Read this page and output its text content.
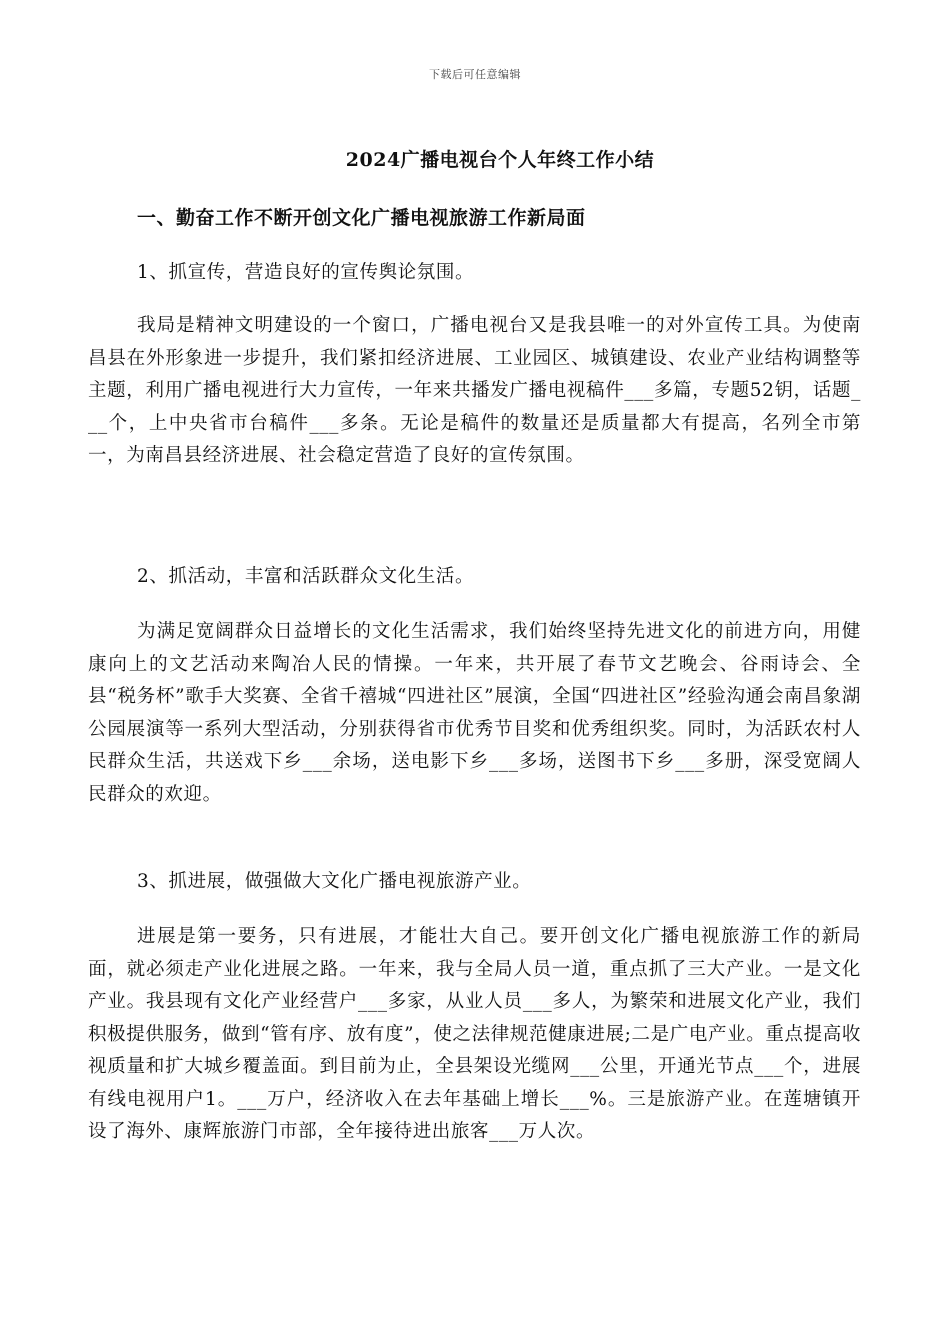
下载后可任意编辑
2024广播电视台个人年终工作小结
一、勤奋工作不断开创文化广播电视旅游工作新局面
1、抓宣传，营造良好的宣传舆论氛围。
我局是精神文明建设的一个窗口，广播电视台又是我县唯一的对外宣传工具。为使南昌县在外形象进一步提升，我们紧扣经济进展、工业园区、城镇建设、农业产业结构调整等主题，利用广播电视进行大力宣传，一年来共播发广播电视稿件___多篇，专题52钥，话题___个，上中央省市台稿件___多条。无论是稿件的数量还是质量都大有提高，名列全市第一，为南昌县经济进展、社会稳定营造了良好的宣传氛围。
2、抓活动，丰富和活跃群众文化生活。
为满足宽阔群众日益增长的文化生活需求，我们始终坚持先进文化的前进方向，用健康向上的文艺活动来陶冶人民的情操。一年来，共开展了春节文艺晚会、谷雨诗会、全县“税务杯”歌手大奖赛、全省千禧城“四进社区”展演，全国“四进社区”经验沟通会南昌象湖公园展演等一系列大型活动，分别获得省市优秀节目奖和优秀组织奖。同时，为活跃农村人民群众生活，共送戏下乡___余场，送电影下乡___多场，送图书下乡___多册，深受宽阔人民群众的欢迎。
3、抓进展，做强做大文化广播电视旅游产业。
进展是第一要务，只有进展，才能壮大自己。要开创文化广播电视旅游工作的新局面，就必须走产业化进展之路。一年来，我与全局人员一道，重点抓了三大产业。一是文化产业。我县现有文化产业经营户___多家，从业人员___多人，为繁荣和进展文化产业，我们积极提供服务，做到“管有序、放有度”，使之法律规范健康进展;二是广电产业。重点提高收视质量和扩大城乡覆盖面。到目前为止，全县架设光缆网___公里，开通光节点___个，进展有线电视用户1。___万户，经济收入在去年基础上增长___%。三是旅游产业。在莲塘镇开设了海外、康辉旅游门市部，全年接待进出旅客___万人次。
